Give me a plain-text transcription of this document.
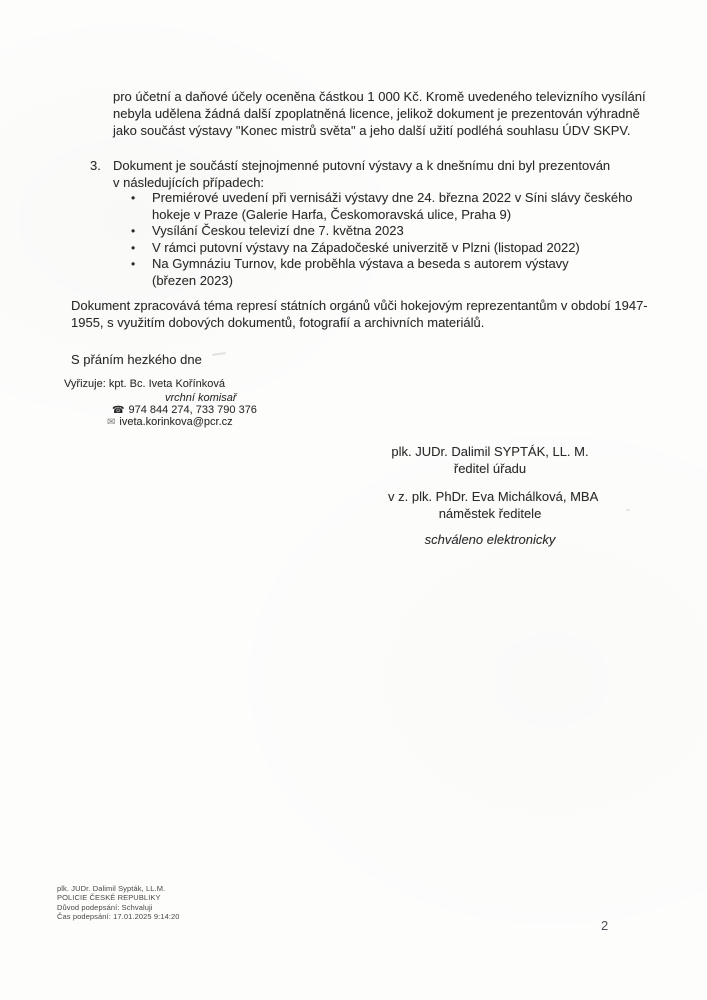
pro účetní a daňové účely oceněna částkou 1 000 Kč. Kromě uvedeného televizního vysílání
nebyla udělena žádná další zpoplatněná licence, jelikož dokument je prezentován výhradně
jako součást výstavy "Konec mistrů světa" a jeho další užití podléhá souhlasu ÚDV SKPV.
3. Dokument je součástí stejnojmenné putovní výstavy a k dnešnímu dni byl prezentován
v následujících případech:
•	Premiérové uvedení při vernisáži výstavy dne 24. března 2022 v Síni slávy českého
hokeje v Praze (Galerie Harfa, Českomoravská ulice, Praha 9)
•	Vysílání Českou televizí dne 7. května 2023
•	V rámci putovní výstavy na Západočeské univerzitě v Plzni (listopad 2022)
•	Na Gymnáziu Turnov, kde proběhla výstava a beseda s autorem výstavy
(březen 2023)
Dokument zpracovává téma represí státních orgánů vůči hokejovým reprezentantům v období 1947-
1955, s využitím dobových dokumentů, fotografií a archivních materiálů.
S přáním hezkého dne
Vyřizuje: kpt. Bc. Iveta Kořínková
vrchní komisař
☎ 974 844 274, 733 790 376
✉ iveta.korinkova@pcr.cz
plk. JUDr. Dalimil SYPTÁK, LL. M.
ředitel úřadu
v z. plk. PhDr. Eva Michálková, MBA
náměstek ředitele
schváleno elektronicky
plk. JUDr. Dalimil Sypták, LL.M.
POLICIE ČESKÉ REPUBLIKY
Důvod podepsání: Schvaluji
Čas podepsání: 17.01.2025 9:14:20
2
